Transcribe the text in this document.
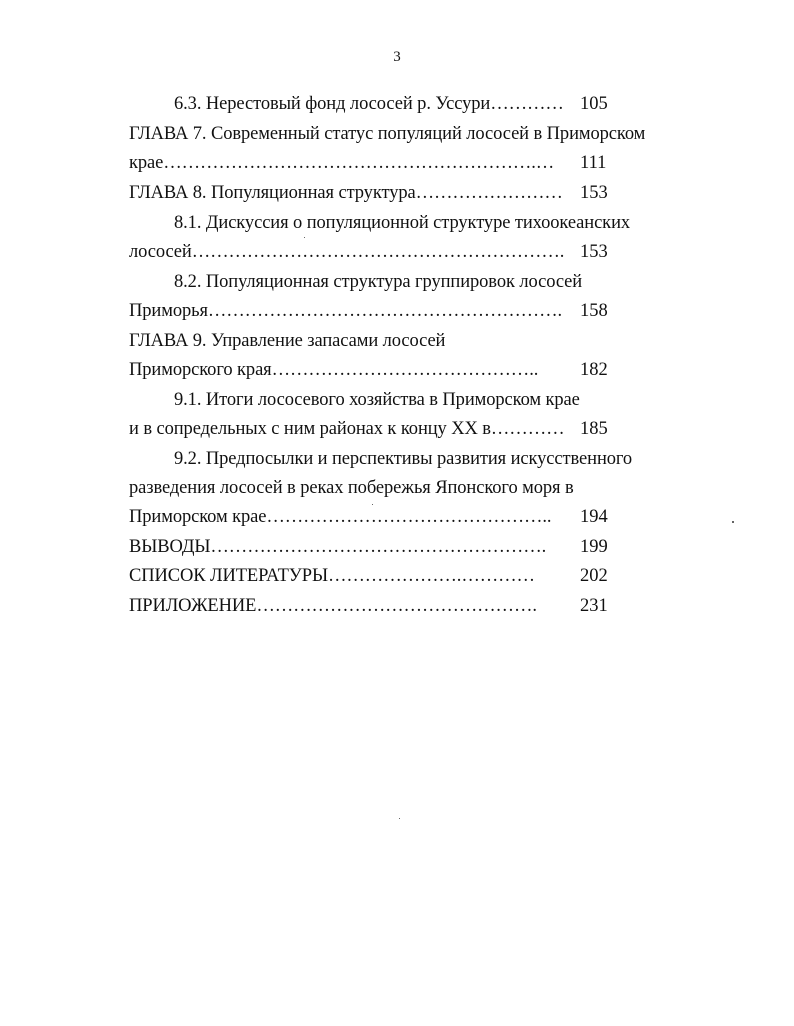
3
6.3. Нерестовый фонд лососей р. Уссури………… 105
ГЛАВА 7. Современный статус популяций лососей в Приморском
крае…………………………………………………….… 111
ГЛАВА 8. Популяционная структура…………………… 153
8.1. Дискуссия о популяционной структуре тихоокеанских
лососей……………………………………………………. 153
8.2. Популяционная структура группировок лососей
Приморья…………………………………………………. 158
ГЛАВА 9. Управление запасами лососей
Приморского края…………………………………….. 182
9.1. Итоги лососевого хозяйства в Приморском крае
и в сопредельных с ним районах к концу XX в………… 185
9.2. Предпосылки и перспективы развития искусственного
разведения лососей в реках побережья Японского моря в
Приморском крае……………………………………….. 194
ВЫВОДЫ………………………………………………. 199
СПИСОК ЛИТЕРАТУРЫ………………….………… 202
ПРИЛОЖЕНИЕ………………………………………. 231
